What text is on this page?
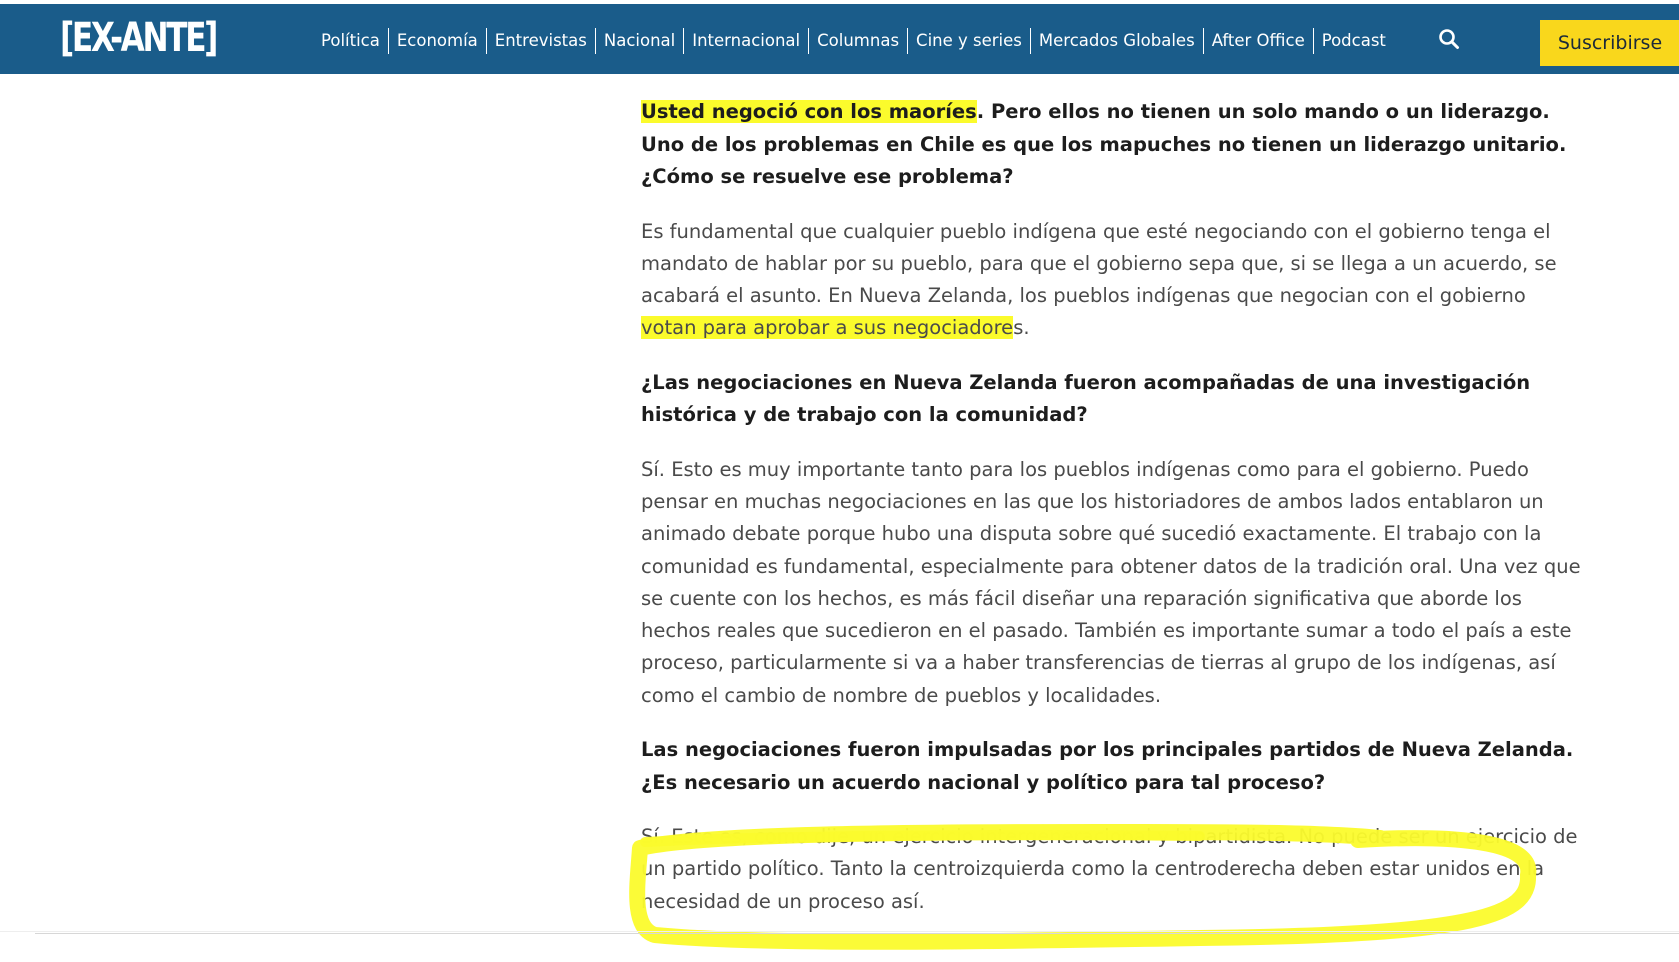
[EX-ANTE]	Política	Economía	Entrevistas	Nacional	Internacional	Columnas	Cine y series	Mercados Globales	After Office	Podcast	Suscribirse

Usted negoció con los maoríes. Pero ellos no tienen un solo mando o un liderazgo. Uno de los problemas en Chile es que los mapuches no tienen un liderazgo unitario. ¿Cómo se resuelve ese problema?

Es fundamental que cualquier pueblo indígena que esté negociando con el gobierno tenga el mandato de hablar por su pueblo, para que el gobierno sepa que, si se llega a un acuerdo, se acabará el asunto. En Nueva Zelanda, los pueblos indígenas que negocian con el gobierno votan para aprobar a sus negociadores.

¿Las negociaciones en Nueva Zelanda fueron acompañadas de una investigación histórica y de trabajo con la comunidad?

Sí. Esto es muy importante tanto para los pueblos indígenas como para el gobierno. Puedo pensar en muchas negociaciones en las que los historiadores de ambos lados entablaron un animado debate porque hubo una disputa sobre qué sucedió exactamente. El trabajo con la comunidad es fundamental, especialmente para obtener datos de la tradición oral. Una vez que se cuente con los hechos, es más fácil diseñar una reparación significativa que aborde los hechos reales que sucedieron en el pasado. También es importante sumar a todo el país a este proceso, particularmente si va a haber transferencias de tierras al grupo de los indígenas, así como el cambio de nombre de pueblos y localidades.

Las negociaciones fueron impulsadas por los principales partidos de Nueva Zelanda. ¿Es necesario un acuerdo nacional y político para tal proceso?

Sí. Este es, como dije, un ejercicio intergeneracional y bipartidista. No puede ser un ejercicio de un partido político. Tanto la centroizquierda como la centroderecha deben estar unidos en la necesidad de un proceso así.
